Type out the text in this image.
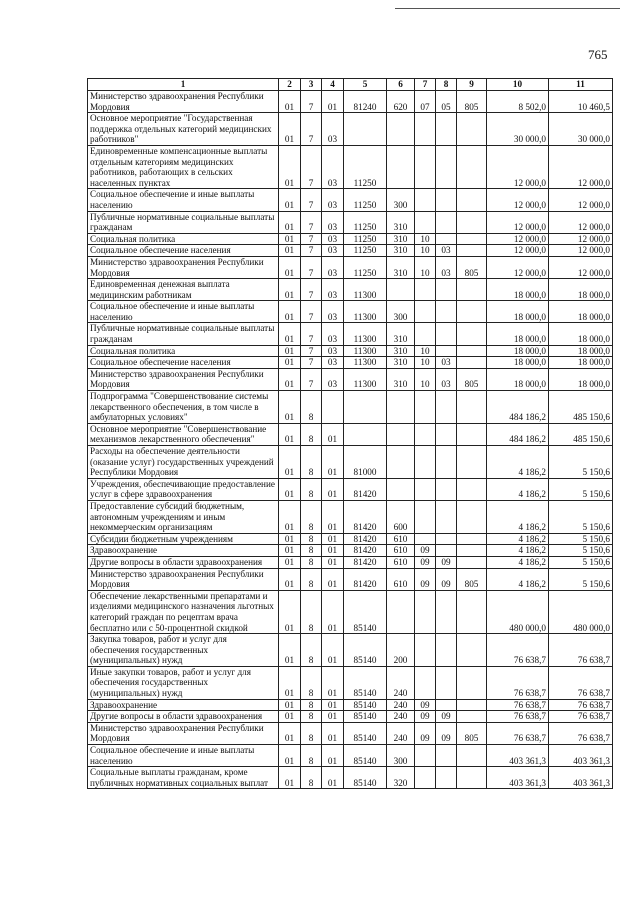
765
1	2	3	4	5	6	7	8	9	10	11
Министерство здравоохранения Республики Мордовия	01	7	01	81240	620	07	05	805	8 502,0	10 460,5
Основное мероприятие "Государственная поддержка отдельных категорий медицинских работников"	01	7	03						30 000,0	30 000,0
Единовременные компенсационные выплаты отдельным категориям медицинских работников, работающих в сельских населенных пунктах	01	7	03	11250					12 000,0	12 000,0
Социальное обеспечение и иные выплаты населению	01	7	03	11250	300				12 000,0	12 000,0
Публичные нормативные социальные выплаты гражданам	01	7	03	11250	310				12 000,0	12 000,0
Социальная политика	01	7	03	11250	310	10			12 000,0	12 000,0
Социальное обеспечение населения	01	7	03	11250	310	10	03		12 000,0	12 000,0
Министерство здравоохранения Республики Мордовия	01	7	03	11250	310	10	03	805	12 000,0	12 000,0
Единовременная денежная выплата медицинским работникам	01	7	03	11300					18 000,0	18 000,0
Социальное обеспечение и иные выплаты населению	01	7	03	11300	300				18 000,0	18 000,0
Публичные нормативные социальные выплаты гражданам	01	7	03	11300	310				18 000,0	18 000,0
Социальная политика	01	7	03	11300	310	10			18 000,0	18 000,0
Социальное обеспечение населения	01	7	03	11300	310	10	03		18 000,0	18 000,0
Министерство здравоохранения Республики Мордовия	01	7	03	11300	310	10	03	805	18 000,0	18 000,0
Подпрограмма "Совершенствование системы лекарственного обеспечения, в том числе в амбулаторных условиях"	01	8							484 186,2	485 150,6
Основное мероприятие "Совершенствование механизмов лекарственного обеспечения"	01	8	01						484 186,2	485 150,6
Расходы на обеспечение деятельности (оказание услуг) государственных учреждений Республики Мордовия	01	8	01	81000					4 186,2	5 150,6
Учреждения, обеспечивающие предоставление услуг в сфере здравоохранения	01	8	01	81420					4 186,2	5 150,6
Предоставление субсидий бюджетным, автономным учреждениям и иным некоммерческим организациям	01	8	01	81420	600				4 186,2	5 150,6
Субсидии бюджетным учреждениям	01	8	01	81420	610				4 186,2	5 150,6
Здравоохранение	01	8	01	81420	610	09			4 186,2	5 150,6
Другие вопросы в области здравоохранения	01	8	01	81420	610	09	09		4 186,2	5 150,6
Министерство здравоохранения Республики Мордовия	01	8	01	81420	610	09	09	805	4 186,2	5 150,6
Обеспечение лекарственными препаратами и изделиями медицинского назначения льготных категорий граждан по рецептам врача бесплатно или с 50-процентной скидкой	01	8	01	85140					480 000,0	480 000,0
Закупка товаров, работ и услуг для обеспечения государственных (муниципальных) нужд	01	8	01	85140	200				76 638,7	76 638,7
Иные закупки товаров, работ и услуг для обеспечения государственных (муниципальных) нужд	01	8	01	85140	240				76 638,7	76 638,7
Здравоохранение	01	8	01	85140	240	09			76 638,7	76 638,7
Другие вопросы в области здравоохранения	01	8	01	85140	240	09	09		76 638,7	76 638,7
Министерство здравоохранения Республики Мордовия	01	8	01	85140	240	09	09	805	76 638,7	76 638,7
Социальное обеспечение и иные выплаты населению	01	8	01	85140	300				403 361,3	403 361,3
Социальные выплаты гражданам, кроме публичных нормативных социальных выплат	01	8	01	85140	320				403 361,3	403 361,3
